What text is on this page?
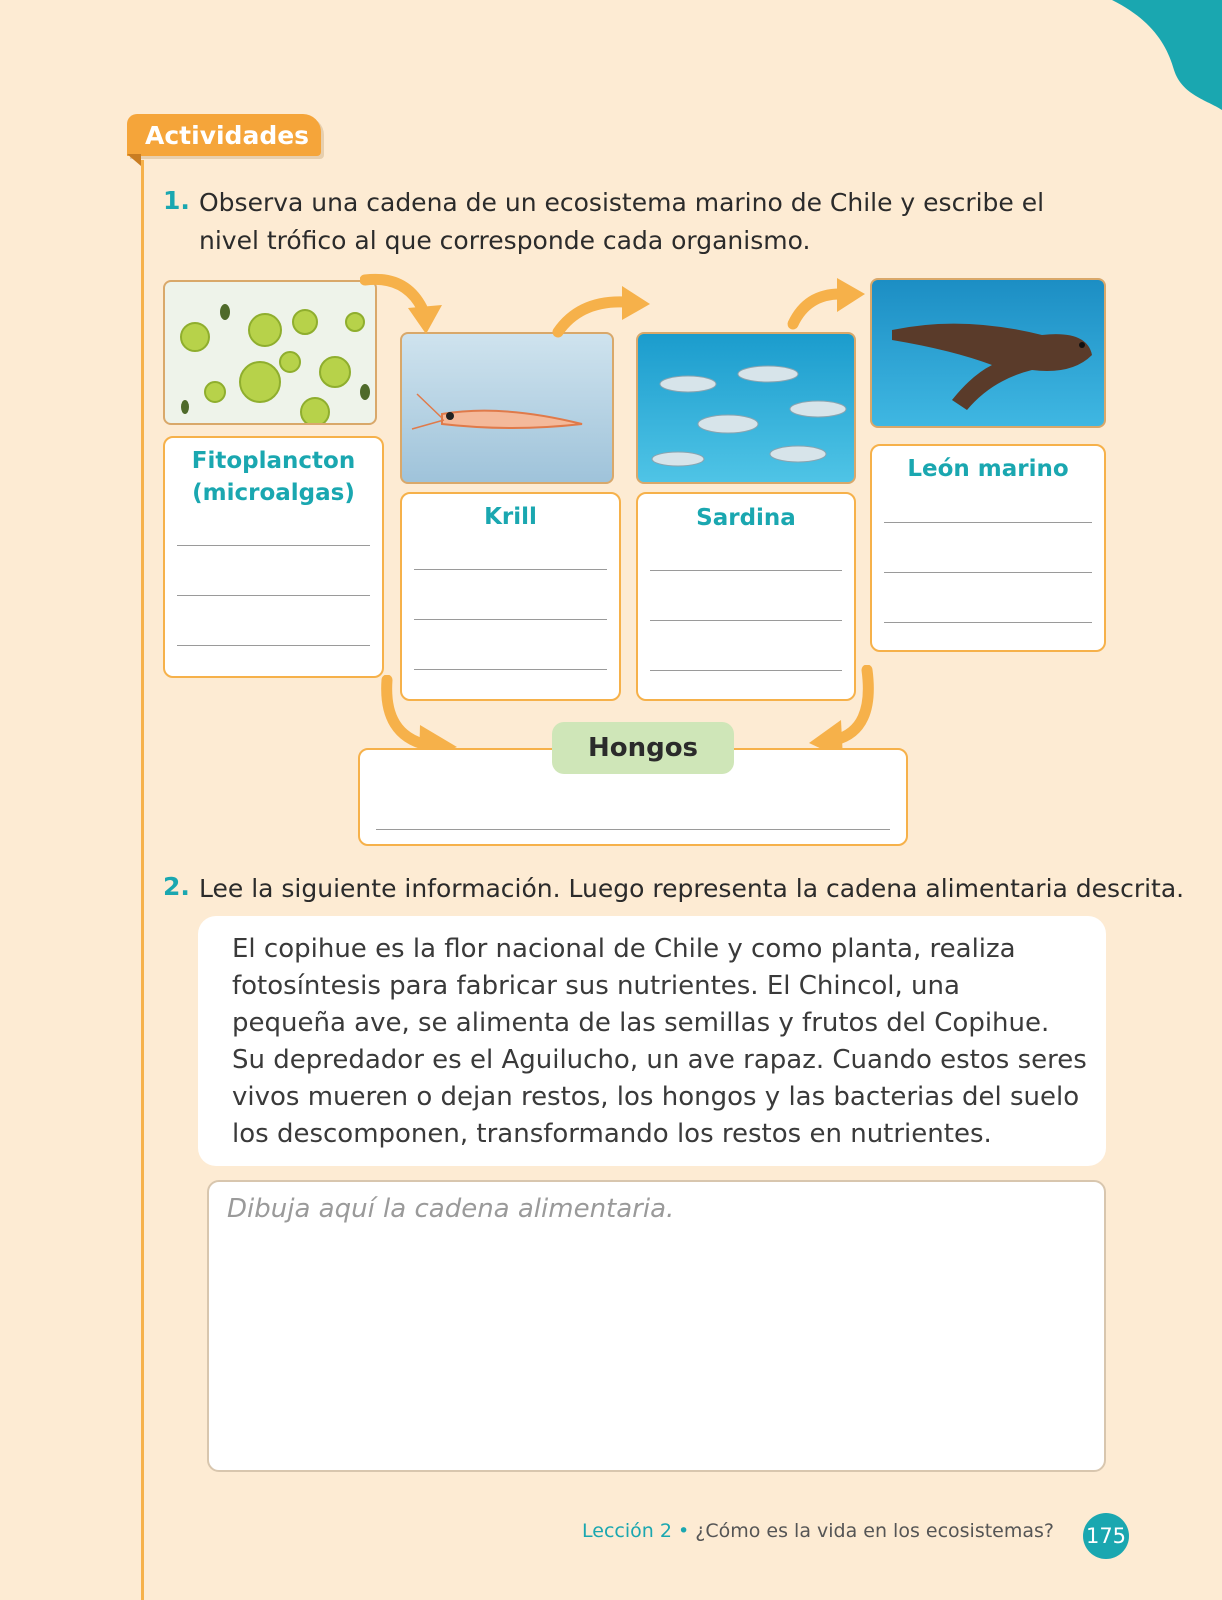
Actividades
1. Observa una cadena de un ecosistema marino de Chile y escribe el
nivel trófico al que corresponde cada organismo.
Fitoplancton
(microalgas)
Krill	Sardina
León marino
Hongos
2. Lee la siguiente información. Luego representa la cadena alimentaria descrita.
El copihue es la flor nacional de Chile y como planta, realiza
fotosíntesis para fabricar sus nutrientes. El Chincol, una
pequeña ave, se alimenta de las semillas y frutos del Copihue.
Su depredador es el Aguilucho, un ave rapaz. Cuando estos seres
vivos mueren o dejan restos, los hongos y las bacterias del suelo
los descomponen, transformando los restos en nutrientes.
Dibuja aquí la cadena alimentaria.
Lección 2 • ¿Cómo es la vida en los ecosistemas? 175
